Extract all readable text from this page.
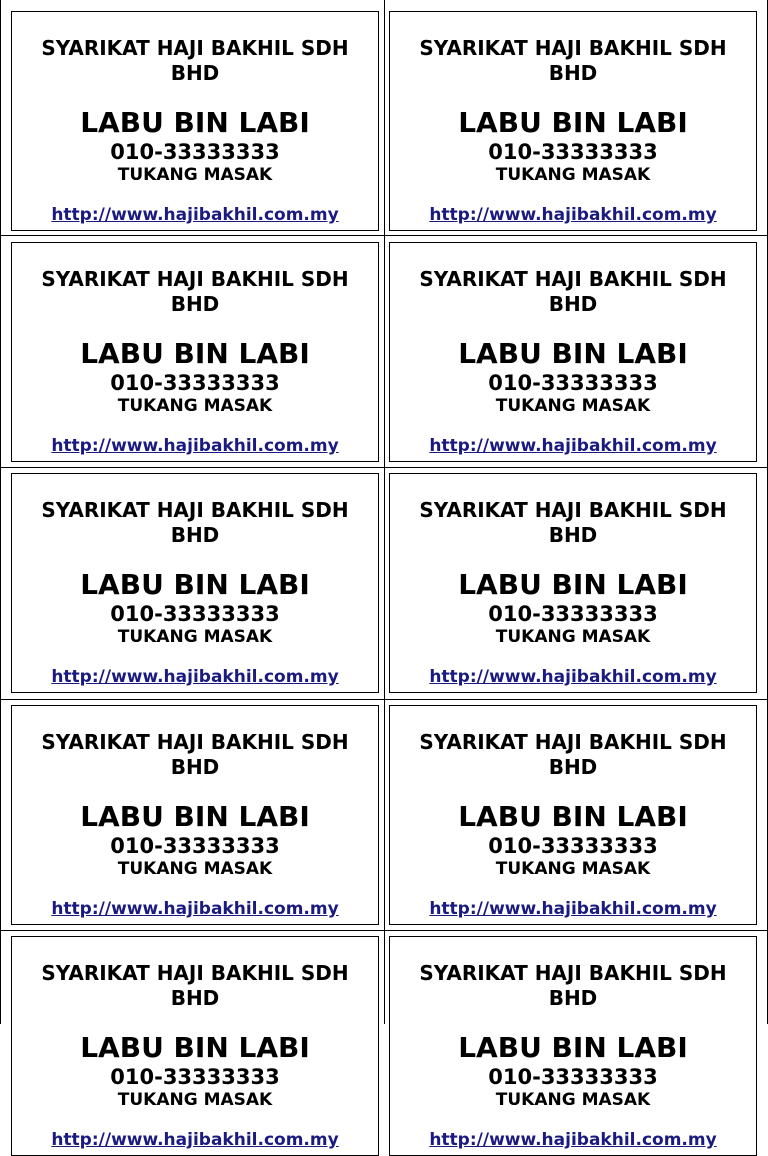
SYARIKAT HAJI BAKHIL SDH BHD
LABU BIN LABI
010-33333333
TUKANG MASAK
http://www.hajibakhil.com.my
SYARIKAT HAJI BAKHIL SDH BHD
LABU BIN LABI
010-33333333
TUKANG MASAK
http://www.hajibakhil.com.my
SYARIKAT HAJI BAKHIL SDH BHD
LABU BIN LABI
010-33333333
TUKANG MASAK
http://www.hajibakhil.com.my
SYARIKAT HAJI BAKHIL SDH BHD
LABU BIN LABI
010-33333333
TUKANG MASAK
http://www.hajibakhil.com.my
SYARIKAT HAJI BAKHIL SDH BHD
LABU BIN LABI
010-33333333
TUKANG MASAK
http://www.hajibakhil.com.my
SYARIKAT HAJI BAKHIL SDH BHD
LABU BIN LABI
010-33333333
TUKANG MASAK
http://www.hajibakhil.com.my
SYARIKAT HAJI BAKHIL SDH BHD
LABU BIN LABI
010-33333333
TUKANG MASAK
http://www.hajibakhil.com.my
SYARIKAT HAJI BAKHIL SDH BHD
LABU BIN LABI
010-33333333
TUKANG MASAK
http://www.hajibakhil.com.my
SYARIKAT HAJI BAKHIL SDH BHD
LABU BIN LABI
010-33333333
TUKANG MASAK
http://www.hajibakhil.com.my
SYARIKAT HAJI BAKHIL SDH BHD
LABU BIN LABI
010-33333333
TUKANG MASAK
http://www.hajibakhil.com.my
